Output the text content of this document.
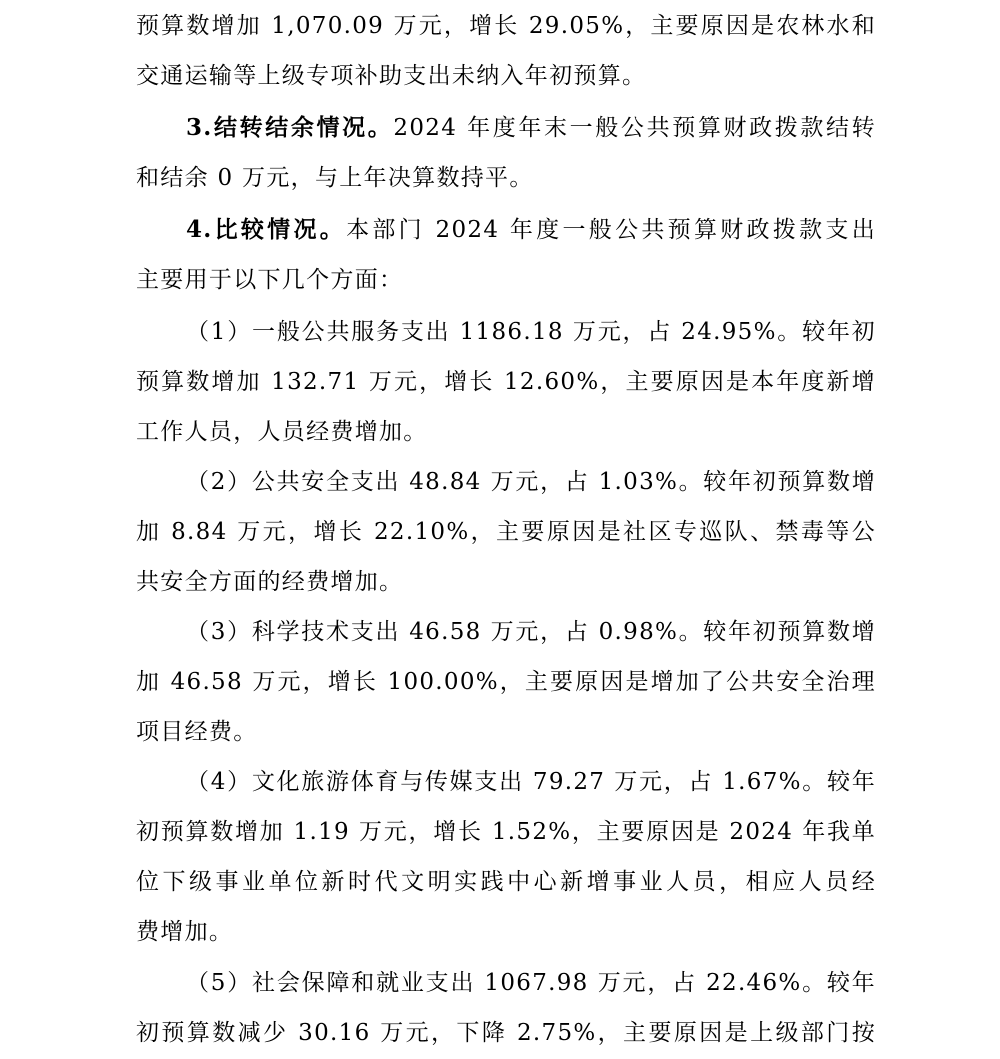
预算数增加 1,070.09 万元，增长 29.05%，主要原因是农林水和
交通运输等上级专项补助支出未纳入年初预算。
3.结转结余情况。2024 年度年末一般公共预算财政拨款结转
和结余 0 万元，与上年决算数持平。
4.比较情况。本部门 2024 年度一般公共预算财政拨款支出
主要用于以下几个方面：
（1）一般公共服务支出 1186.18 万元，占 24.95%。较年初
预算数增加 132.71 万元，增长 12.60%，主要原因是本年度新增
工作人员，人员经费增加。
（2）公共安全支出 48.84 万元，占 1.03%。较年初预算数增
加 8.84 万元，增长 22.10%，主要原因是社区专巡队、禁毒等公
共安全方面的经费增加。
（3）科学技术支出 46.58 万元，占 0.98%。较年初预算数增
加 46.58 万元，增长 100.00%，主要原因是增加了公共安全治理
项目经费。
（4）文化旅游体育与传媒支出 79.27 万元，占 1.67%。较年
初预算数增加 1.19 万元，增长 1.52%，主要原因是 2024 年我单
位下级事业单位新时代文明实践中心新增事业人员，相应人员经
费增加。
（5）社会保障和就业支出 1067.98 万元，占 22.46%。较年
初预算数减少 30.16 万元，下降 2.75%，主要原因是上级部门按
